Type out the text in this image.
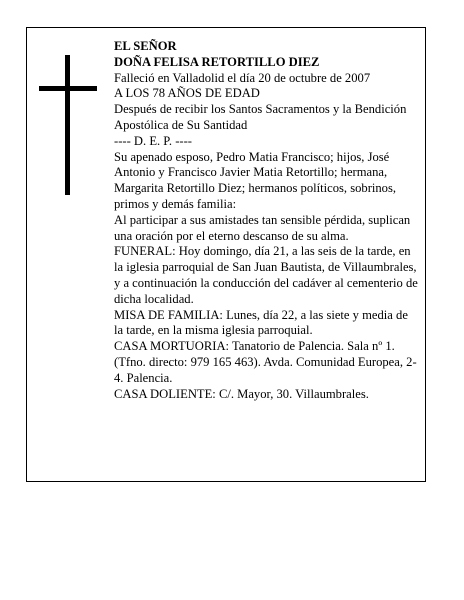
EL SEÑOR

DOÑA FELISA RETORTILLO DIEZ

Falleció en Valladolid el día 20 de octubre de 2007

A LOS 78 AÑOS DE EDAD

Después de recibir los Santos Sacramentos y la Bendición Apostólica de Su Santidad

---- D. E. P. ----

Su apenado esposo, Pedro Matia Francisco; hijos, José Antonio y Francisco Javier Matia Retortillo; hermana, Margarita Retortillo Diez; hermanos políticos, sobrinos, primos y demás familia:

Al participar a sus amistades tan sensible pérdida, suplican una oración por el eterno descanso de su alma.

FUNERAL: Hoy domingo, día 21, a las seis de la tarde, en la iglesia parroquial de San Juan Bautista, de Villaumbrales, y a continuación la conducción del cadáver al cementerio de dicha localidad.

MISA DE FAMILIA: Lunes, día 22, a las siete y media de la tarde, en la misma iglesia parroquial.

CASA MORTUORIA: Tanatorio de Palencia. Sala nº 1. (Tfno. directo: 979 165 463). Avda. Comunidad Europea, 2-4. Palencia.

CASA DOLIENTE: C/. Mayor, 30. Villaumbrales.
